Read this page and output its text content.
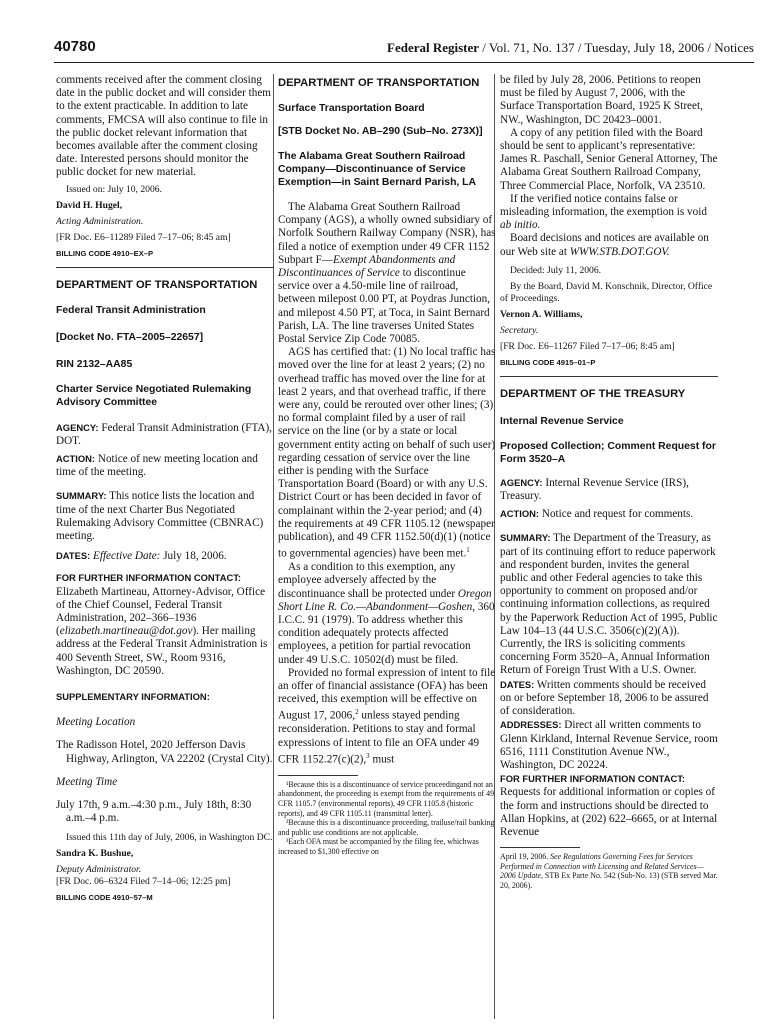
40780	Federal Register / Vol. 71, No. 137 / Tuesday, July 18, 2006 / Notices

comments received after the comment closing date in the public docket and will consider them to the extent practicable. In addition to late comments, FMCSA will also continue to file in the public docket relevant information that becomes available after the comment closing date. Interested persons should monitor the public docket for new material.

Issued on: July 10, 2006.

David H. Hugel,

Acting Administration.

[FR Doc. E6–11289 Filed 7–17–06; 8:45 am]

BILLING CODE 4910–EX–P

DEPARTMENT OF TRANSPORTATION

Federal Transit Administration

[Docket No. FTA–2005–22657]

RIN 2132–AA85

Charter Service Negotiated Rulemaking Advisory Committee

AGENCY: Federal Transit Administration (FTA), DOT.

ACTION: Notice of new meeting location and time of the meeting.

SUMMARY: This notice lists the location and time of the next Charter Bus Negotiated Rulemaking Advisory Committee (CBNRAC) meeting.

DATES: Effective Date: July 18, 2006.

FOR FURTHER INFORMATION CONTACT:

Elizabeth Martineau, Attorney-Advisor, Office of the Chief Counsel, Federal Transit Administration, 202–366–1936 (elizabeth.martineau@dot.gov). Her mailing address at the Federal Transit Administration is 400 Seventh Street, SW., Room 9316, Washington, DC 20590.

SUPPLEMENTARY INFORMATION:

Meeting Location

The Radisson Hotel, 2020 Jefferson Davis Highway, Arlington, VA 22202 (Crystal City).

Meeting Time

July 17th, 9 a.m.–4:30 p.m., July 18th, 8:30 a.m.–4 p.m.

Issued this 11th day of July, 2006, in Washington DC.

Sandra K. Bushue,

Deputy Administrator.

[FR Doc. 06–6324 Filed 7–14–06; 12:25 pm]

BILLING CODE 4910–57–M

DEPARTMENT OF TRANSPORTATION

Surface Transportation Board

[STB Docket No. AB–290 (Sub–No. 273X)]

The Alabama Great Southern Railroad Company—Discontinuance of Service Exemption—in Saint Bernard Parish, LA

The Alabama Great Southern Railroad Company (AGS), a wholly owned subsidiary of Norfolk Southern Railway Company (NSR), has filed a notice of exemption under 49 CFR 1152 Subpart F—Exempt Abandonments and Discontinuances of Service to discontinue service over a 4.50-mile line of railroad, between milepost 0.00 PT, at Poydras Junction, and milepost 4.50 PT, at Toca, in Saint Bernard Parish, LA. The line traverses United States Postal Service Zip Code 70085.

AGS has certified that: (1) No local traffic has moved over the line for at least 2 years; (2) no overhead traffic has moved over the line for at least 2 years, and that overhead traffic, if there were any, could be rerouted over other lines; (3) no formal complaint filed by a user of rail service on the line (or by a state or local government entity acting on behalf of such user) regarding cessation of service over the line either is pending with the Surface Transportation Board (Board) or with any U.S. District Court or has been decided in favor of complainant within the 2-year period; and (4) the requirements at 49 CFR 1105.12 (newspaper publication), and 49 CFR 1152.50(d)(1) (notice to governmental agencies) have been met.$^1$

As a condition to this exemption, any employee adversely affected by the discontinuance shall be protected under Oregon Short Line R. Co.—Abandonment—Goshen, 360 I.C.C. 91 (1979). To address whether this condition adequately protects affected employees, a petition for partial revocation under 49 U.S.C. 10502(d) must be filed.

Provided no formal expression of intent to file an offer of financial assistance (OFA) has been received, this exemption will be effective on August 17, 2006,$^2$ unless stayed pending reconsideration. Petitions to stay and formal expressions of intent to file an OFA under 49 CFR 1152.27(c)(2),$^3$ must

¹Because this is a discontinuance of service proceedingand not an abandonment, the proceeding is exempt from the requirements of 49 CFR 1105.7 (environmental reports), 49 CFR 1105.8 (historic reports), and 49 CFR 1105.11 (transmittal letter).

²Because this is a discontinuance proceeding, trailuse/rail banking and public use conditions are not applicable.

³Each OFA must be accompanied by the filing fee, whichwas increased to $1,300 effective on

be filed by July 28, 2006. Petitions to reopen must be filed by August 7, 2006, with the Surface Transportation Board, 1925 K Street, NW., Washington, DC 20423–0001.

A copy of any petition filed with the Board should be sent to applicant’s representative: James R. Paschall, Senior General Attorney, The Alabama Great Southern Railroad Company, Three Commercial Place, Norfolk, VA 23510.

If the verified notice contains false or misleading information, the exemption is void ab initio.

Board decisions and notices are available on our Web site at WWW.STB.DOT.GOV.

Decided: July 11, 2006.

By the Board, David M. Konschnik, Director, Office of Proceedings.

Vernon A. Williams,

Secretary.

[FR Doc. E6–11267 Filed 7–17–06; 8:45 am]

BILLING CODE 4915–01–P

DEPARTMENT OF THE TREASURY

Internal Revenue Service

Proposed Collection; Comment Request for Form 3520–A

AGENCY: Internal Revenue Service (IRS), Treasury.

ACTION: Notice and request for comments.

SUMMARY: The Department of the Treasury, as part of its continuing effort to reduce paperwork and respondent burden, invites the general public and other Federal agencies to take this opportunity to comment on proposed and/or continuing information collections, as required by the Paperwork Reduction Act of 1995, Public Law 104–13 (44 U.S.C. 3506(c)(2)(A)). Currently, the IRS is soliciting comments concerning Form 3520–A, Annual Information Return of Foreign Trust With a U.S. Owner.

DATES: Written comments should be received on or before September 18, 2006 to be assured of consideration.

ADDRESSES: Direct all written comments to Glenn Kirkland, Internal Revenue Service, room 6516, 1111 Constitution Avenue NW., Washington, DC 20224.

FOR FURTHER INFORMATION CONTACT:

Requests for additional information or copies of the form and instructions should be directed to Allan Hopkins, at (202) 622–6665, or at Internal Revenue

April 19, 2006. See Regulations Governing Fees for Services Performed in Connection with Licensing and Related Services—2006 Update, STB Ex Parte No. 542 (Sub-No. 13) (STB served Mar. 20, 2006).
